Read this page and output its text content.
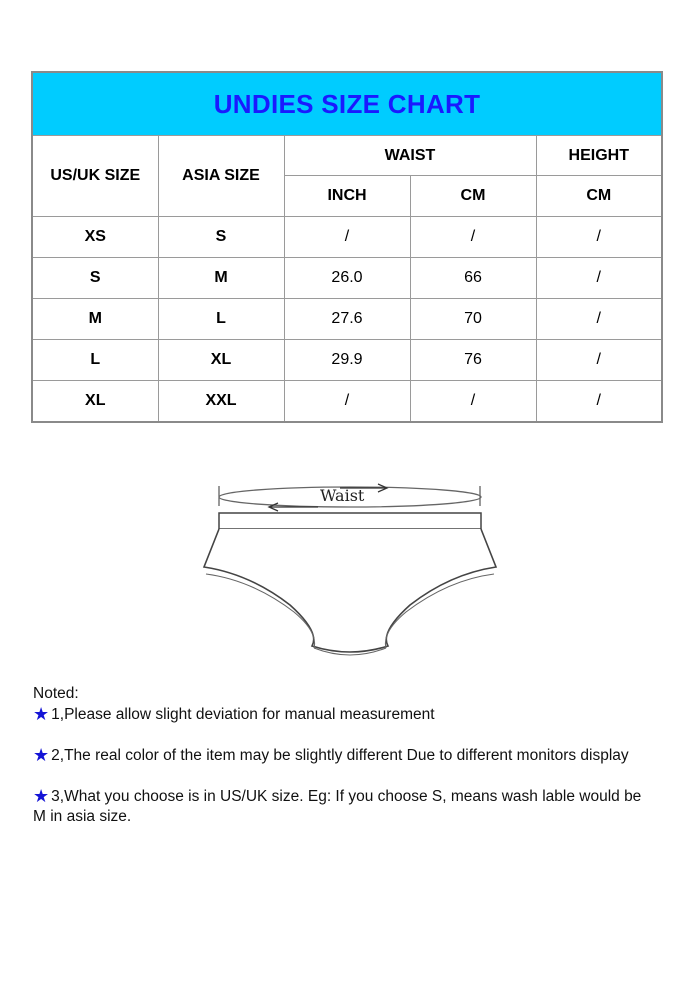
UNDIES SIZE CHART				
US/UK SIZE	ASIA SIZE	WAIST		HEIGHT
		INCH	CM	CM
XS	S	/	/	/
S	M	26.0	66	/
M	L	27.6	70	/
L	XL	29.9	76	/
XL	XXL	/	/	/
Waist

Noted:

★ 1,Please allow slight deviation for manual measurement

★ 2,The real color of the item may be slightly different Due to different monitors display

★ 3,What you choose is in US/UK size. Eg: If you choose S, means wash lable would be M in asia size.
